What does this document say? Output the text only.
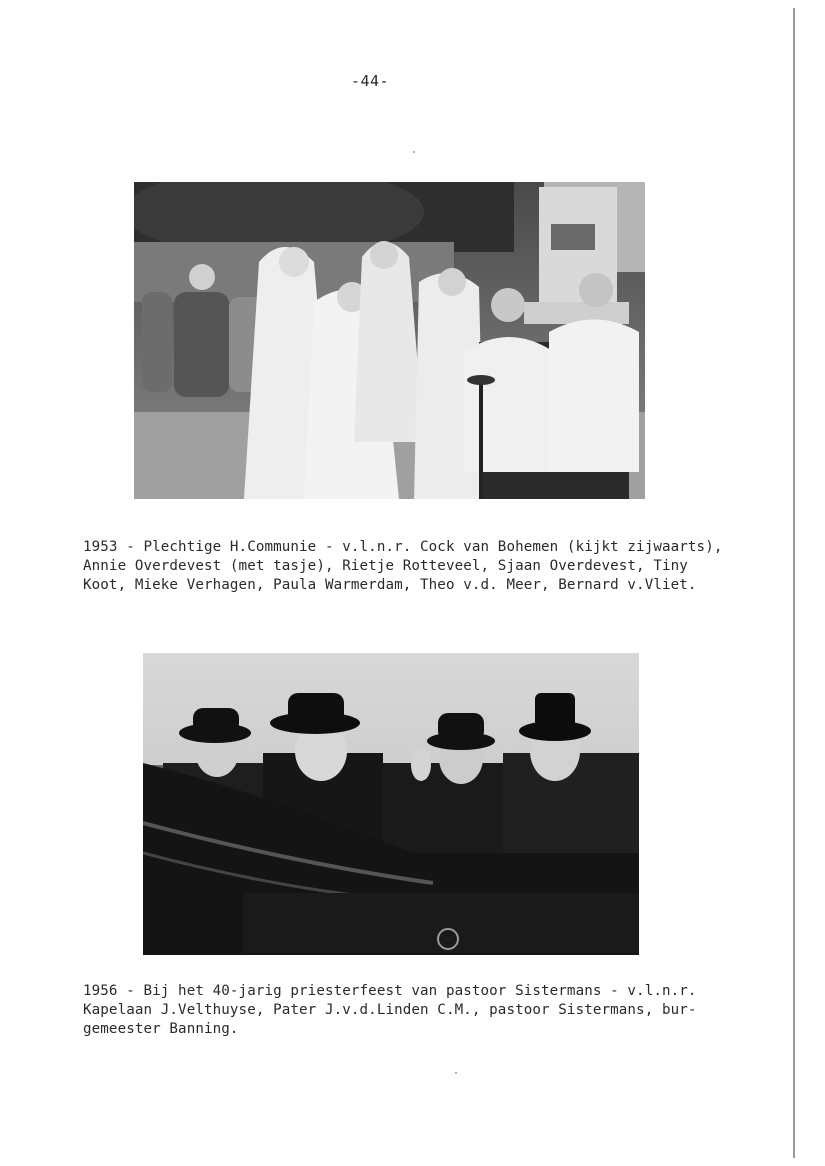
-44-
1953 - Plechtige H.Communie - v.l.n.r. Cock van Bohemen (kijkt zijwaarts),
Annie Overdevest (met tasje), Rietje Rotteveel, Sjaan Overdevest, Tiny
Koot, Mieke Verhagen, Paula Warmerdam, Theo v.d. Meer, Bernard v.Vliet.
1956 - Bij het 40-jarig priesterfeest van pastoor Sistermans - v.l.n.r.
Kapelaan J.Velthuyse, Pater J.v.d.Linden C.M., pastoor Sistermans, bur-
gemeester Banning.
